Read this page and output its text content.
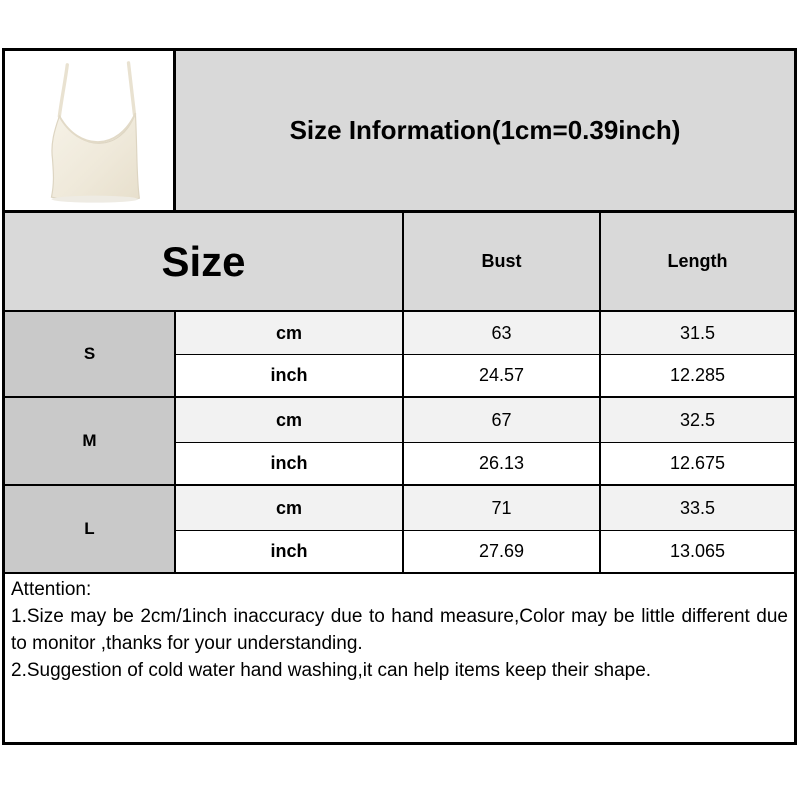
Size Information(1cm=0.39inch)
Size	Bust	Length
S
cm	63	31.5
inch	24.57	12.285
M
cm	67	32.5
inch	26.13	12.675
L
cm	71	33.5
inch	27.69	13.065
Attention:
1.Size may be 2cm/1inch inaccuracy due to hand measure,Color may be little different due to monitor ,thanks for your understanding.
2.Suggestion of cold water hand washing,it can help items keep their shape.
